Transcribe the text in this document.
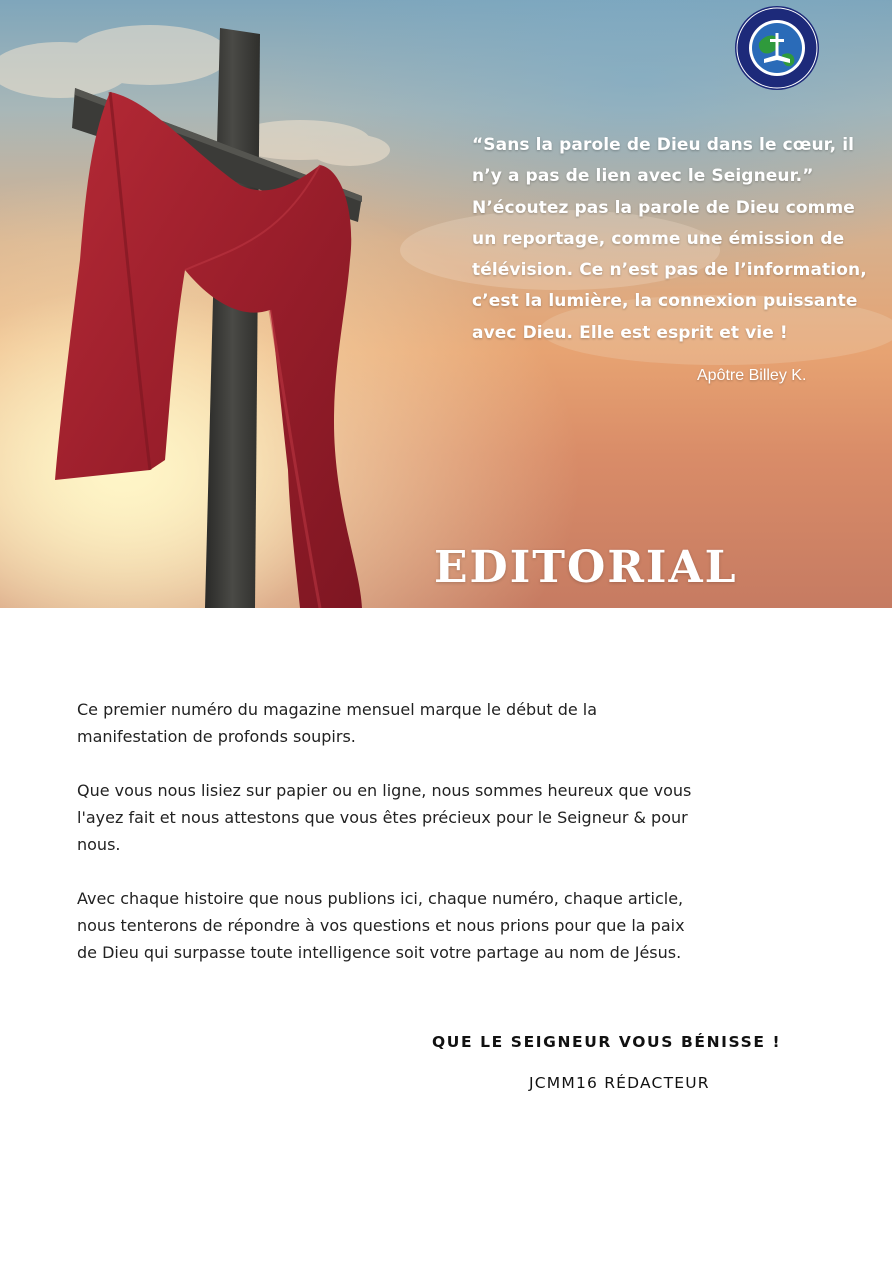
“Sans la parole de Dieu dans le cœur, il
n’y a pas de lien avec le Seigneur.”
N’écoutez pas la parole de Dieu comme
un reportage, comme une émission de
télévision. Ce n’est pas de l’information,
c’est la lumière, la connexion puissante
avec Dieu. Elle est esprit et vie !
Apôtre Billey K.
EDITORIAL
Ce premier numéro du magazine mensuel marque le début de la
manifestation de profonds soupirs.
Que vous nous lisiez sur papier ou en ligne, nous sommes heureux que vous
l'ayez fait et nous attestons que vous êtes précieux pour le Seigneur & pour
nous.
Avec chaque histoire que nous publions ici, chaque numéro, chaque article,
nous tenterons de répondre à vos questions et nous prions pour que la paix
de Dieu qui surpasse toute intelligence soit votre partage au nom de Jésus.
QUE LE SEIGNEUR VOUS BÉNISSE !
JCMM16 RÉDACTEUR
